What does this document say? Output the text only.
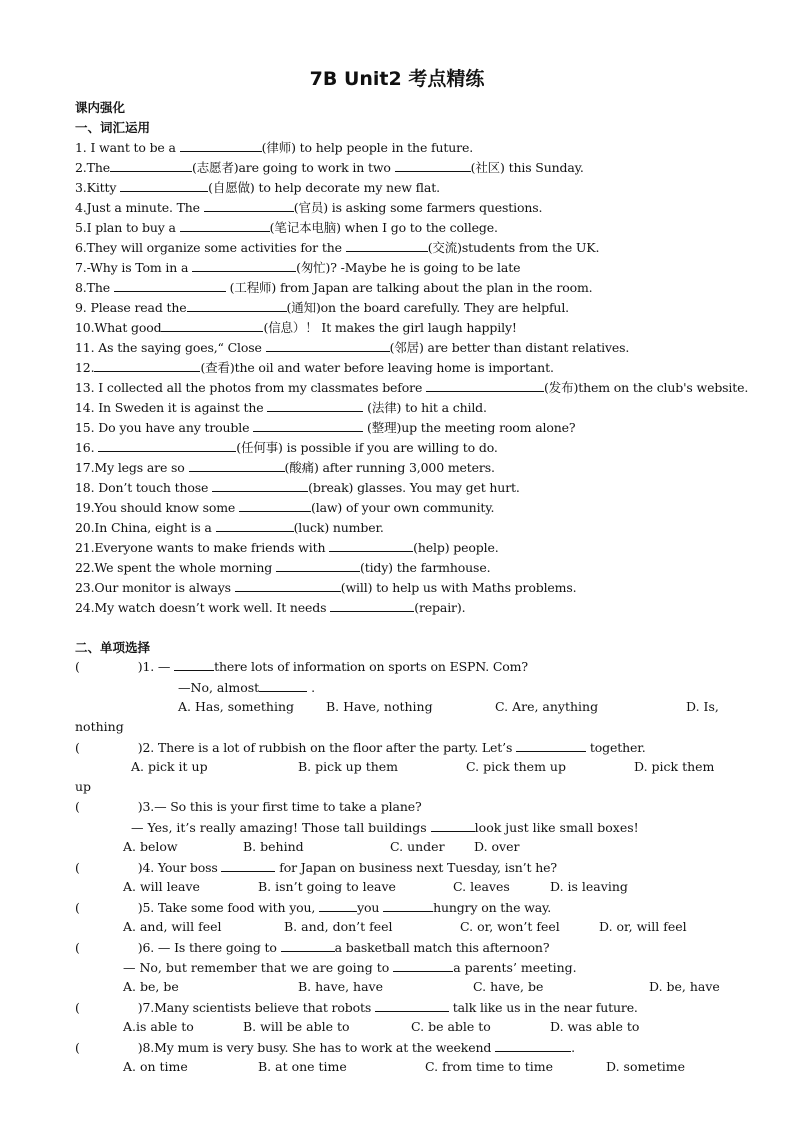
7B Unit2 考点精练
课内强化
一、词汇运用
1. I want to be a	(律师) to help people in the future.
2.The	(志愿者)are going to work in two	(社区) this Sunday.
3.Kitty	(自愿做) to help decorate my new flat.
4.Just a minute. The	(官员) is asking some farmers questions.
5.I plan to buy a	(笔记本电脑) when I go to the college.
6.They will organize some activities for the	(交流)students from the UK.
7.-Why is Tom in a	(匆忙)? -Maybe he is going to be late
8.The	(工程师) from Japan are talking about the plan in the room.
9. Please read the	(通知)on the board carefully. They are helpful.
10.What good	(信息）！ It makes the girl laugh happily!
11. As the saying goes,“ Close	(邻居) are better than distant relatives.
12.	(查看)the oil and water before leaving home is important.
13. I collected all the photos from my classmates before	(发布)them on the club's website.
14. In Sweden it is against the	(法律) to hit a child.
15. Do you have any trouble	(整理)up the meeting room alone?
16.	(任何事) is possible if you are willing to do.
17.My legs are so	(酸痛) after running 3,000 meters.
18. Don’t touch those	(break) glasses. You may get hurt.
19.You should know some	(law) of your own community.
20.In China, eight is a	(luck) number.
21.Everyone wants to make friends with	(help) people.
22.We spent the whole morning	(tidy) the farmhouse.
23.Our monitor is always	(will) to help us with Maths problems.
24.My watch doesn’t work well. It needs	(repair).
二、单项选择
(	)1. —	there lots of information on sports on ESPN. Com?
—No, almost	.
A. Has, something	B. Have, nothing	C. Are, anything	D. Is,
nothing
(	)2. There is a lot of rubbish on the floor after the party. Let’s	together.
A. pick it up	B. pick up them	C. pick them up	D. pick them
up
(	)3.— So this is your first time to take a plane?
— Yes, it’s really amazing! Those tall buildings	look just like small boxes!
A. below	B. behind	C. under D. over
(	)4. Your boss	for Japan on business next Tuesday, isn’t he?
A. will leave	B. isn’t going to leave	C. leaves	D. is leaving
(	)5. Take some food with you,	you	hungry on the way.
A. and, will feel	B. and, don’t feel	C. or, won’t feel	D. or, will feel
(	)6. — Is there going to	a basketball match this afternoon?
— No, but remember that we are going to	a parents’ meeting.
A. be, be	B. have, have	C. have, be	D. be, have
(	)7.Many scientists believe that robots	talk like us in the near future.
A.is able to	B. will be able to	C. be able to	D. was able to
(	)8.My mum is very busy. She has to work at the weekend	.
A. on time	B. at one time	C. from time to time	D. sometime
